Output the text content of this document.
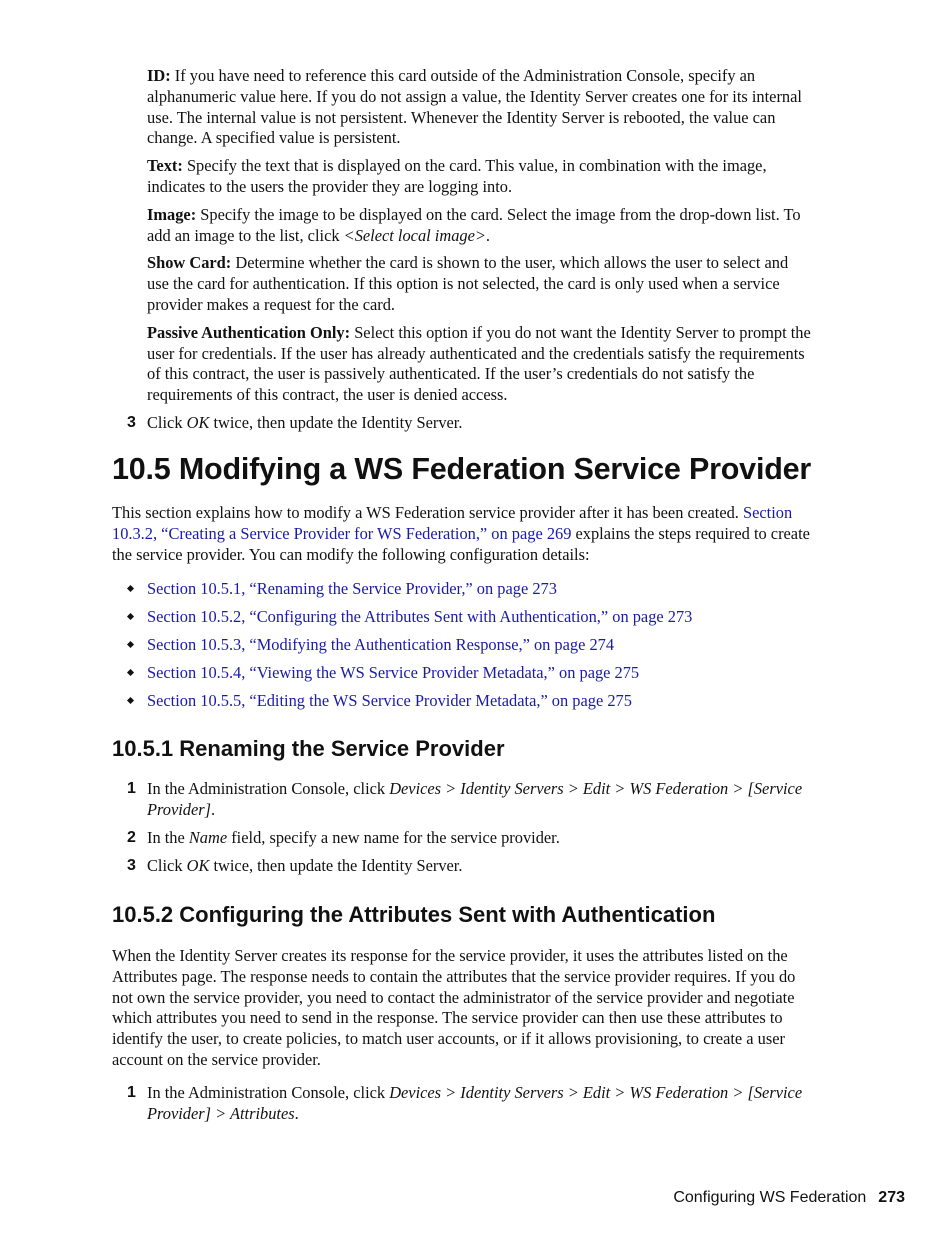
ID: If you have need to reference this card outside of the Administration Console, specify an alphanumeric value here. If you do not assign a value, the Identity Server creates one for its internal use. The internal value is not persistent. Whenever the Identity Server is rebooted, the value can change. A specified value is persistent.

Text: Specify the text that is displayed on the card. This value, in combination with the image, indicates to the users the provider they are logging into.

Image: Specify the image to be displayed on the card. Select the image from the drop-down list. To add an image to the list, click <Select local image>.

Show Card: Determine whether the card is shown to the user, which allows the user to select and use the card for authentication. If this option is not selected, the card is only used when a service provider makes a request for the card.

Passive Authentication Only: Select this option if you do not want the Identity Server to prompt the user for credentials. If the user has already authenticated and the credentials satisfy the requirements of this contract, the user is passively authenticated. If the user’s credentials do not satisfy the requirements of this contract, the user is denied access.

3 Click OK twice, then update the Identity Server.
10.5 Modifying a WS Federation Service Provider

This section explains how to modify a WS Federation service provider after it has been created. Section 10.3.2, “Creating a Service Provider for WS Federation,” on page 269 explains the steps required to create the service provider. You can modify the following configuration details:

Section 10.5.1, “Renaming the Service Provider,” on page 273
Section 10.5.2, “Configuring the Attributes Sent with Authentication,” on page 273
Section 10.5.3, “Modifying the Authentication Response,” on page 274
Section 10.5.4, “Viewing the WS Service Provider Metadata,” on page 275
Section 10.5.5, “Editing the WS Service Provider Metadata,” on page 275
10.5.1 Renaming the Service Provider
1 In the Administration Console, click Devices > Identity Servers > Edit > WS Federation > [Service Provider].
2 In the Name field, specify a new name for the service provider.
3 Click OK twice, then update the Identity Server.
10.5.2 Configuring the Attributes Sent with Authentication

When the Identity Server creates its response for the service provider, it uses the attributes listed on the Attributes page. The response needs to contain the attributes that the service provider requires. If you do not own the service provider, you need to contact the administrator of the service provider and negotiate which attributes you need to send in the response. The service provider can then use these attributes to identify the user, to create policies, to match user accounts, or if it allows provisioning, to create a user account on the service provider.

1 In the Administration Console, click Devices > Identity Servers > Edit > WS Federation > [Service Provider] > Attributes.
Configuring WS Federation 273
